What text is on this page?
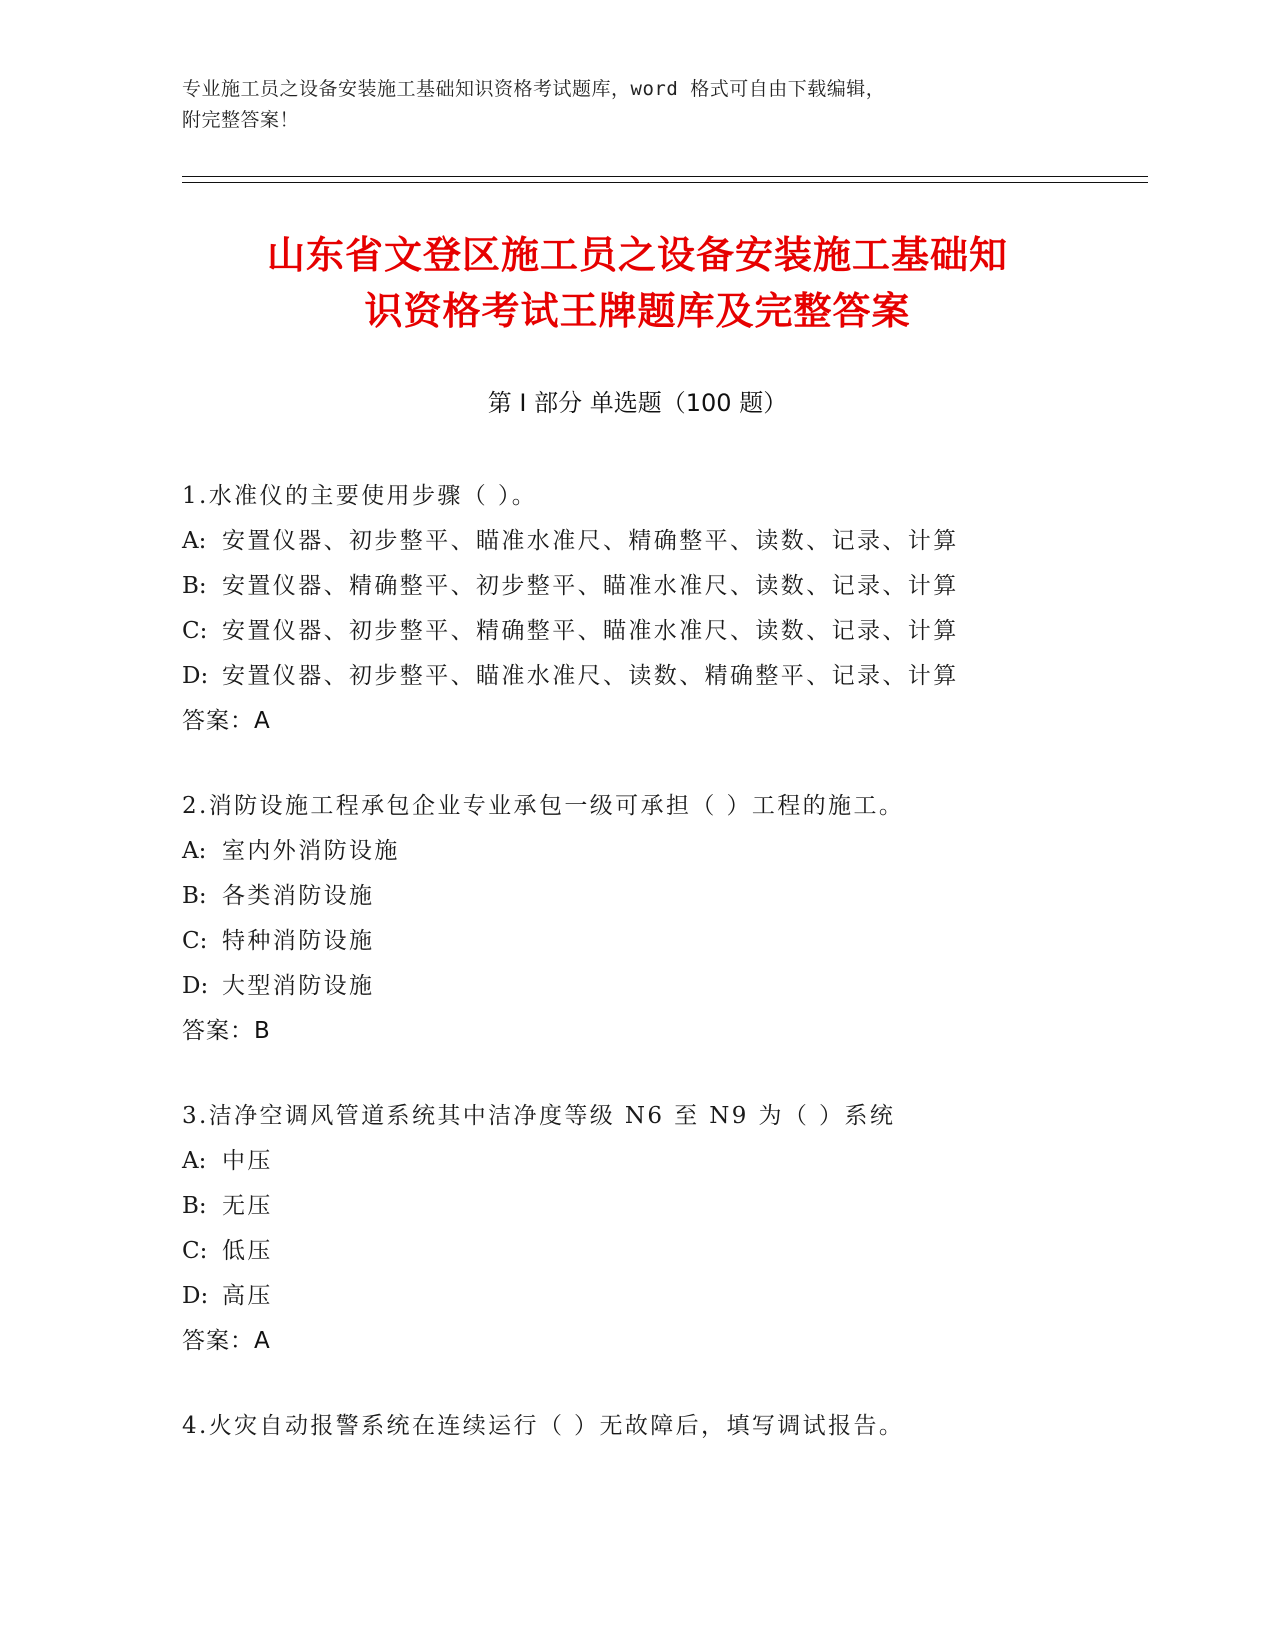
专业施工员之设备安装施工基础知识资格考试题库，word 格式可自由下载编辑，
附完整答案！
山东省文登区施工员之设备安装施工基础知
识资格考试王牌题库及完整答案
第 I 部分 单选题（100 题）
1.水准仪的主要使用步骤（ ）。
A: 安置仪器、初步整平、瞄准水准尺、精确整平、读数、记录、计算
B: 安置仪器、精确整平、初步整平、瞄准水准尺、读数、记录、计算
C: 安置仪器、初步整平、精确整平、瞄准水准尺、读数、记录、计算
D: 安置仪器、初步整平、瞄准水准尺、读数、精确整平、记录、计算
答案：A
2.消防设施工程承包企业专业承包一级可承担（ ）工程的施工。
A: 室内外消防设施
B: 各类消防设施
C: 特种消防设施
D: 大型消防设施
答案：B
3.洁净空调风管道系统其中洁净度等级 N6 至 N9 为（ ）系统
A: 中压
B: 无压
C: 低压
D: 高压
答案：A
4.火灾自动报警系统在连续运行（ ）无故障后，填写调试报告。
